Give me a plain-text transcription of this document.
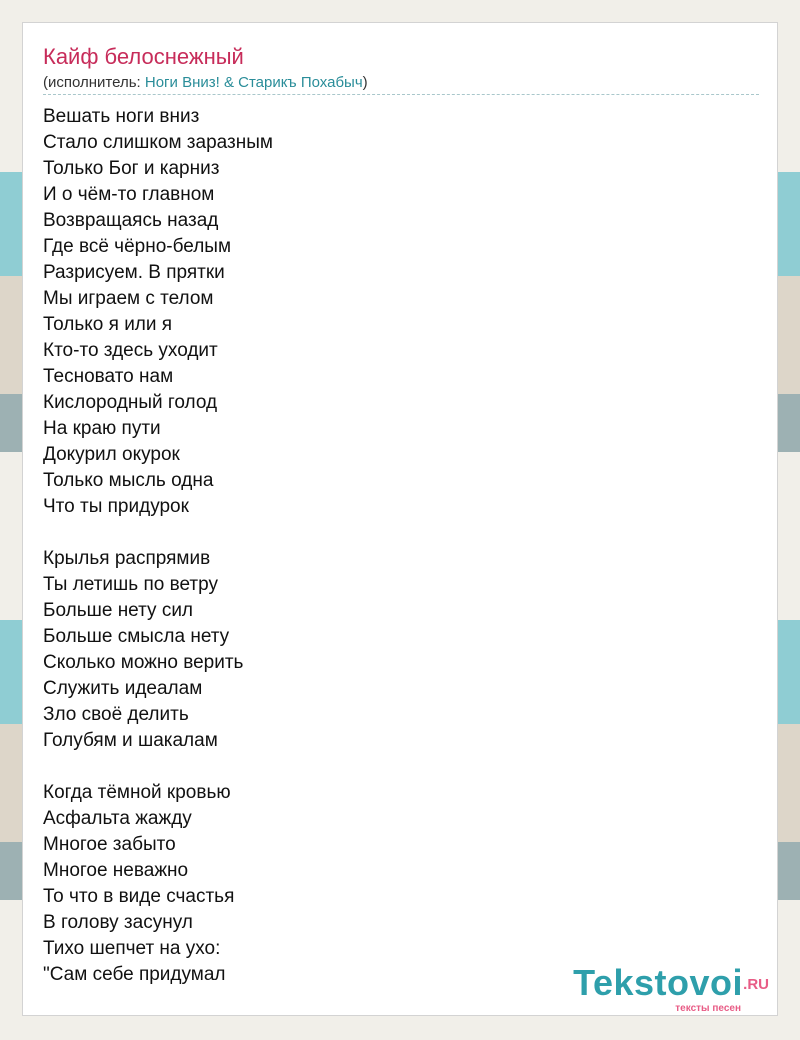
Кайф белоснежный
(исполнитель: Ноги Вниз! & Старикъ Похабыч)
Вешать ноги вниз
Стало слишком заразным
Только Бог и карниз
И о чём-то главном
Возвращаясь назад
Где всё чёрно-белым
Разрисуем. В прятки
Мы играем с телом
Только я или я
Кто-то здесь уходит
Тесновато нам
Кислородный голод
На краю пути
Докурил окурок
Только мысль одна
Что ты придурок
Крылья распрямив
Ты летишь по ветру
Больше нету сил
Больше смысла нету
Сколько можно верить
Служить идеалам
Зло своё делить
Голубям и шакалам
Когда тёмной кровью
Асфальта жажду
Многое забыто
Многое неважно
То что в виде счастья
В голову засунул
Тихо шепчет на ухо:
"Сам себе придумал	Tekstovoi .RU
тексты песен
